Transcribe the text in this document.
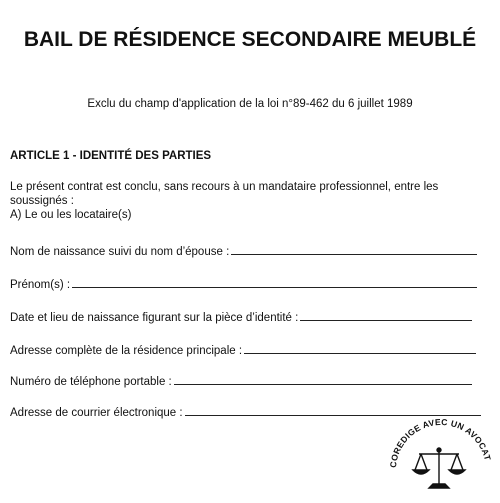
BAIL DE RÉSIDENCE SECONDAIRE MEUBLÉ
Exclu du champ d'application de la loi n°89-462 du 6 juillet 1989
ARTICLE 1 - IDENTITÉ DES PARTIES

Le présent contrat est conclu, sans recours à un mandataire professionnel, entre les soussignés :

A) Le ou les locataire(s)

Nom de naissance suivi du nom d’épouse :
Prénom(s) :
Date et lieu de naissance figurant sur la pièce d’identité :
Adresse complète de la résidence principale :
Numéro de téléphone portable :
Adresse de courrier électronique :
COREDIGE AVEC UN AVOCAT
